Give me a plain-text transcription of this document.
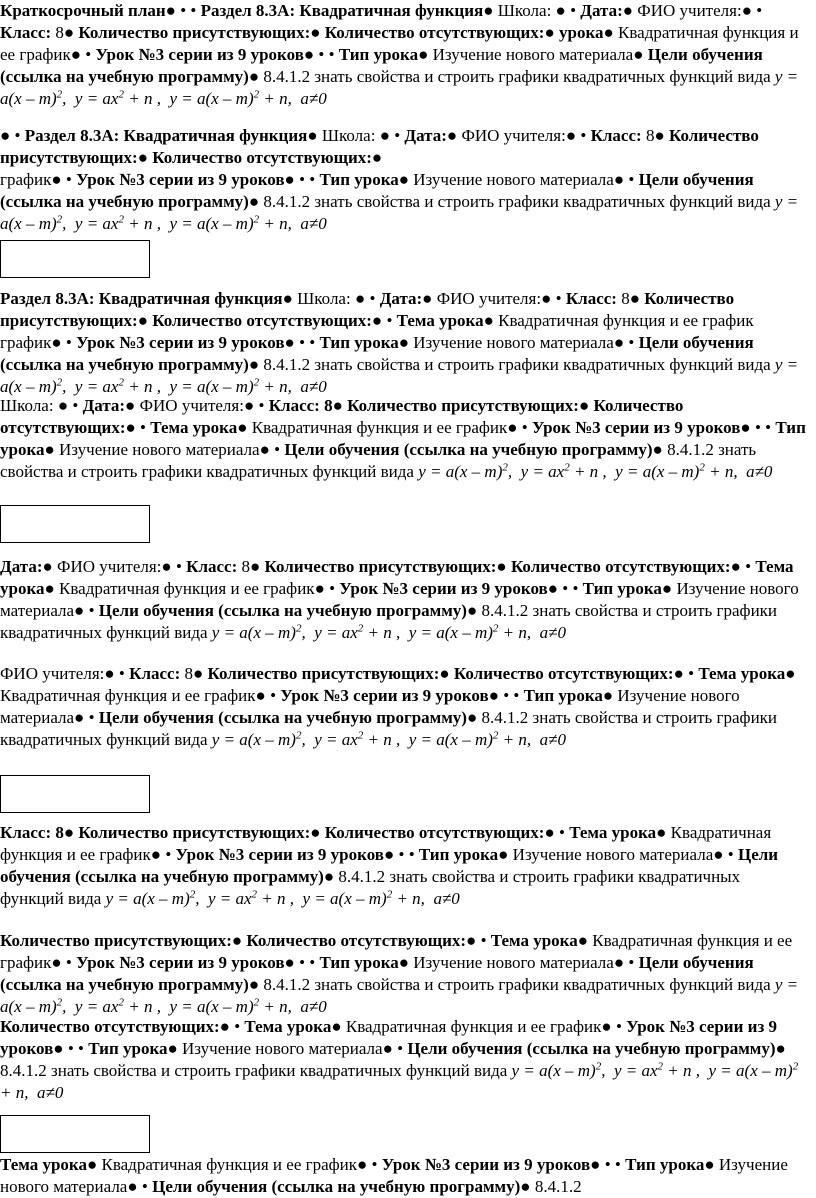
Краткосрочный план● • • Раздел 8.3А: Квадратичная функция● Школа: ● • Дата:● ФИО учителя:● • Класс: 8● Количество присутствующих:● Количество отсутствующих:● урока● Квадратичная функция и ее график● • Урок №3 серии из 9 уроков● • • Тип урока● Изучение нового материала● Цели обучения (ссылка на учебную программу)● 8.4.1.2 знать свойства и строить графики квадратичных функций вида y = a(x – m)$^2$, $y = ax^2 + n$ , y = a(x – m)$^2$ + n, a≠0

● • Раздел 8.3А: Квадратичная функция● Школа: ● • Дата:● ФИО учителя:● • Класс: 8● Количество присутствующих:● Количество отсутствующих:●
график● • Урок №3 серии из 9 уроков● • • Тип урока● Изучение нового материала● • Цели обучения (ссылка на учебную программу)● 8.4.1.2 знать свойства и строить графики квадратичных функций вида y = a(x – m)$^2$, $y = ax^2 + n$ , y = a(x – m)$^2$ + n, a≠0

Раздел 8.3А: Квадратичная функция● Школа: ● • Дата:● ФИО учителя:● • Класс: 8● Количество присутствующих:● Количество отсутствующих:● • Тема урока● Квадратичная функция и ее график график● • Урок №3 серии из 9 уроков● • • Тип урока● Изучение нового материала● • Цели обучения (ссылка на учебную программу)● 8.4.1.2 знать свойства и строить графики квадратичных функций вида y = a(x – m)$^2$, $y = ax^2 + n$ , y = a(x – m)$^2$ + n, a≠0

Школа: ● • Дата:● ФИО учителя:● • Класс: 8● Количество присутствующих:● Количество отсутствующих:● • Тема урока● Квадратичная функция и ее график● • Урок №3 серии из 9 уроков● • • Тип урока● Изучение нового материала● • Цели обучения (ссылка на учебную программу)● 8.4.1.2 знать свойства и строить графики квадратичных функций вида y = a(x – m)$^2$, $y = ax^2 + n$ , y = a(x – m)$^2$ + n, a≠0

Дата:● ФИО учителя:● • Класс: 8● Количество присутствующих:● Количество отсутствующих:● • Тема урока● Квадратичная функция и ее график● • Урок №3 серии из 9 уроков● • • Тип урока● Изучение нового материала● • Цели обучения (ссылка на учебную программу)● 8.4.1.2 знать свойства и строить графики квадратичных функций вида y = a(x – m)$^2$, $y = ax^2 + n$ , y = a(x – m)$^2$ + n, a≠0

ФИО учителя:● • Класс: 8● Количество присутствующих:● Количество отсутствующих:● • Тема урока● Квадратичная функция и ее график● • Урок №3 серии из 9 уроков● • • Тип урока● Изучение нового материала● • Цели обучения (ссылка на учебную программу)● 8.4.1.2 знать свойства и строить графики квадратичных функций вида y = a(x – m)$^2$, $y = ax^2 + n$ , y = a(x – m)$^2$ + n, a≠0

Класс: 8● Количество присутствующих:● Количество отсутствующих:● • Тема урока● Квадратичная функция и ее график● • Урок №3 серии из 9 уроков● • • Тип урока● Изучение нового материала● • Цели обучения (ссылка на учебную программу)● 8.4.1.2 знать свойства и строить графики квадратичных функций вида y = a(x – m)$^2$, $y = ax^2 + n$ , y = a(x – m)$^2$ + n, a≠0

Количество присутствующих:● Количество отсутствующих:● • Тема урока● Квадратичная функция и ее график● • Урок №3 серии из 9 уроков● • • Тип урока● Изучение нового материала● • Цели обучения (ссылка на учебную программу)● 8.4.1.2 знать свойства и строить графики квадратичных функций вида y = a(x – m)$^2$, $y = ax^2 + n$ , y = a(x – m)$^2$ + n, a≠0

Количество отсутствующих:● • Тема урока● Квадратичная функция и ее график● • Урок №3 серии из 9 уроков● • • Тип урока● Изучение нового материала● • Цели обучения (ссылка на учебную программу)● 8.4.1.2 знать свойства и строить графики квадратичных функций вида y = a(x – m)$^2$, $y = ax^2 + n$ , y = a(x – m)$^2$ + n, a≠0

Тема урока● Квадратичная функция и ее график● • Урок №3 серии из 9 уроков● • • Тип урока● Изучение нового материала● • Цели обучения (ссылка на учебную программу)● 8.4.1.2
